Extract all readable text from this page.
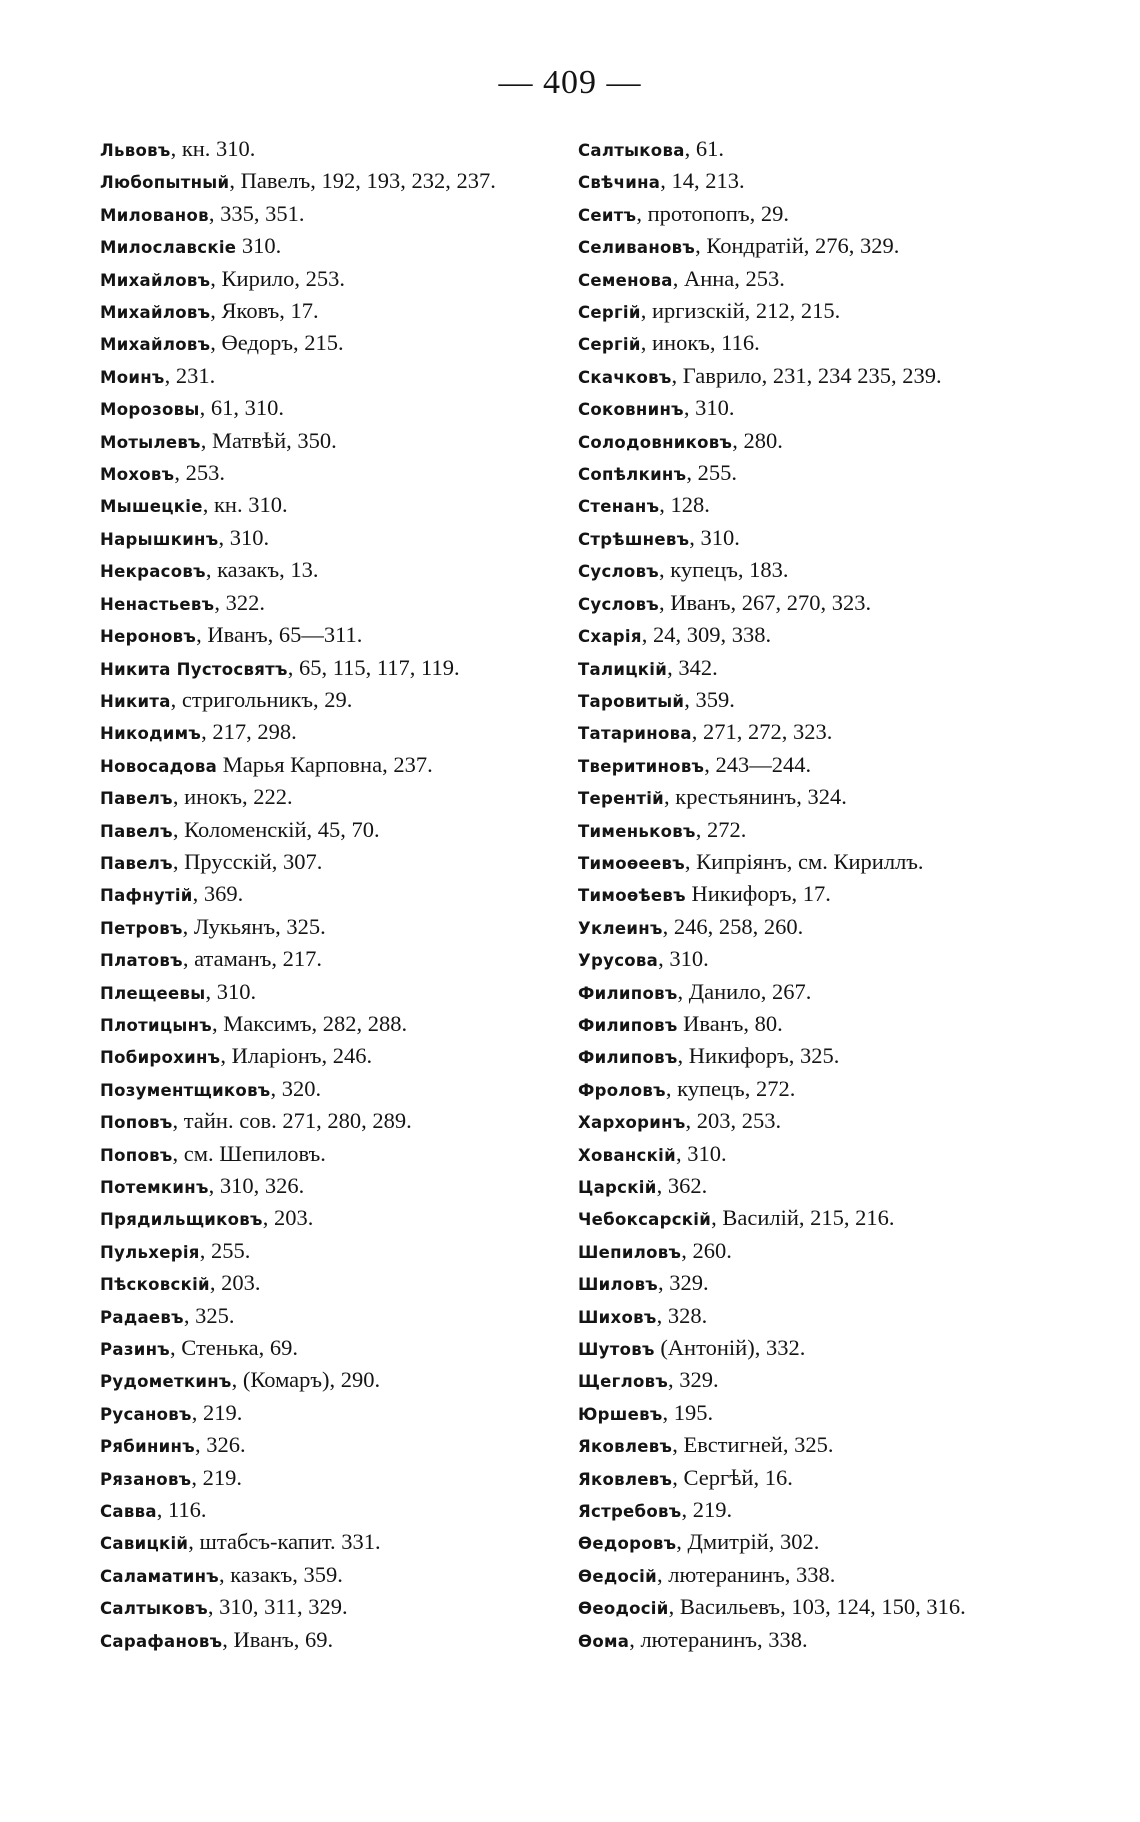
— 409 —
Львовъ, кн. 310.
Любопытный, Павелъ, 192, 193, 232, 237.
Милованов, 335, 351.
Милославскіе 310.
Михайловъ, Кирило, 253.
Михайловъ, Яковъ, 17.
Михайловъ, Өедоръ, 215.
Моинъ, 231.
Морозовы, 61, 310.
Мотылевъ, Матвѣй, 350.
Моховъ, 253.
Мышецкіе, кн. 310.
Нарышкинъ, 310.
Некрасовъ, казакъ, 13.
Ненастьевъ, 322.
Нероновъ, Иванъ, 65—311.
Никита Пустосвятъ, 65, 115, 117, 119.
Никита, стригольникъ, 29.
Никодимъ, 217, 298.
Новосадова Марья Карповна, 237.
Павелъ, инокъ, 222.
Павелъ, Коломенскій, 45, 70.
Павелъ, Прусскій, 307.
Пафнутій, 369.
Петровъ, Лукьянъ, 325.
Платовъ, атаманъ, 217.
Плещеевы, 310.
Плотицынъ, Максимъ, 282, 288.
Побирохинъ, Иларіонъ, 246.
Позументщиковъ, 320.
Поповъ, тайн. сов. 271, 280, 289.
Поповъ, см. Шепиловъ.
Потемкинъ, 310, 326.
Прядильщиковъ, 203.
Пульхерія, 255.
Пѣсковскій, 203.
Радаевъ, 325.
Разинъ, Стенька, 69.
Рудометкинъ, (Комаръ), 290.
Русановъ, 219.
Рябининъ, 326.
Рязановъ, 219.
Савва, 116.
Савицкій, штабсъ-капит. 331.
Саламатинъ, казакъ, 359.
Салтыковъ, 310, 311, 329.
Сарафановъ, Иванъ, 69.
Салтыкова, 61.
Свѣчина, 14, 213.
Сеитъ, протопопъ, 29.
Селивановъ, Кондратій, 276, 329.
Семенова, Анна, 253.
Сергій, иргизскій, 212, 215.
Сергій, инокъ, 116.
Скачковъ, Гаврило, 231, 234 235, 239.
Соковнинъ, 310.
Солодовниковъ, 280.
Сопѣлкинъ, 255.
Стенанъ, 128.
Стрѣшневъ, 310.
Сусловъ, купецъ, 183.
Сусловъ, Иванъ, 267, 270, 323.
Схарія, 24, 309, 338.
Талицкій, 342.
Таровитый, 359.
Татаринова, 271, 272, 323.
Тверитиновъ, 243—244.
Терентій, крестьянинъ, 324.
Тименьковъ, 272.
Тимоөеевъ, Кипріянъ, см. Кириллъ.
Тимоѳѣевъ Никифоръ, 17.
Уклеинъ, 246, 258, 260.
Урусова, 310.
Филиповъ, Данило, 267.
Филиповъ Иванъ, 80.
Филиповъ, Никифоръ, 325.
Фроловъ, купецъ, 272.
Хархоринъ, 203, 253.
Хованскій, 310.
Царскій, 362.
Чебоксарскій, Василій, 215, 216.
Шепиловъ, 260.
Шиловъ, 329.
Шиховъ, 328.
Шутовъ (Антоній), 332.
Щегловъ, 329.
Юршевъ, 195.
Яковлевъ, Евстигней, 325.
Яковлевъ, Сергѣй, 16.
Ястребовъ, 219.
Өедоровъ, Дмитрій, 302.
Өедосій, лютеранинъ, 338.
Өеодосій, Васильевъ, 103, 124, 150, 316.
Өома, лютеранинъ, 338.
